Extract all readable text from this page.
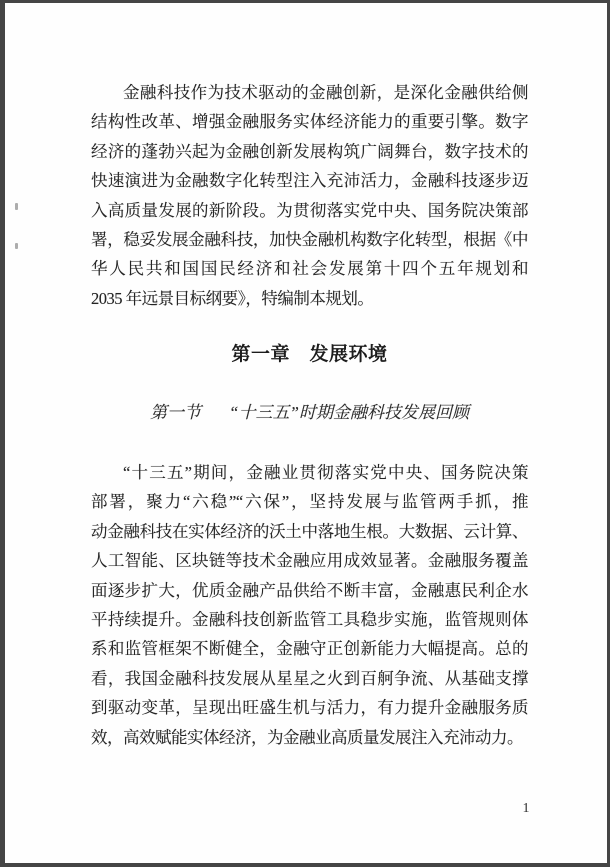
金融科技作为技术驱动的金融创新，是深化金融供给侧
结构性改革、增强金融服务实体经济能力的重要引擎。数字
经济的蓬勃兴起为金融创新发展构筑广阔舞台，数字技术的
快速演进为金融数字化转型注入充沛活力，金融科技逐步迈
入高质量发展的新阶段。为贯彻落实党中央、国务院决策部
署，稳妥发展金融科技，加快金融机构数字化转型，根据《中
华人民共和国国民经济和社会发展第十四个五年规划和
2035 年远景目标纲要》，特编制本规划。
第一章　发展环境
第一节 “十三五”时期金融科技发展回顾
“十三五”期间，金融业贯彻落实党中央、国务院决策
部署，聚力“六稳”“六保”，坚持发展与监管两手抓，推
动金融科技在实体经济的沃土中落地生根。大数据、云计算、
人工智能、区块链等技术金融应用成效显著。金融服务覆盖
面逐步扩大，优质金融产品供给不断丰富，金融惠民利企水
平持续提升。金融科技创新监管工具稳步实施，监管规则体
系和监管框架不断健全，金融守正创新能力大幅提高。总的
看，我国金融科技发展从星星之火到百舸争流、从基础支撑
到驱动变革，呈现出旺盛生机与活力，有力提升金融服务质
效，高效赋能实体经济，为金融业高质量发展注入充沛动力。
1
